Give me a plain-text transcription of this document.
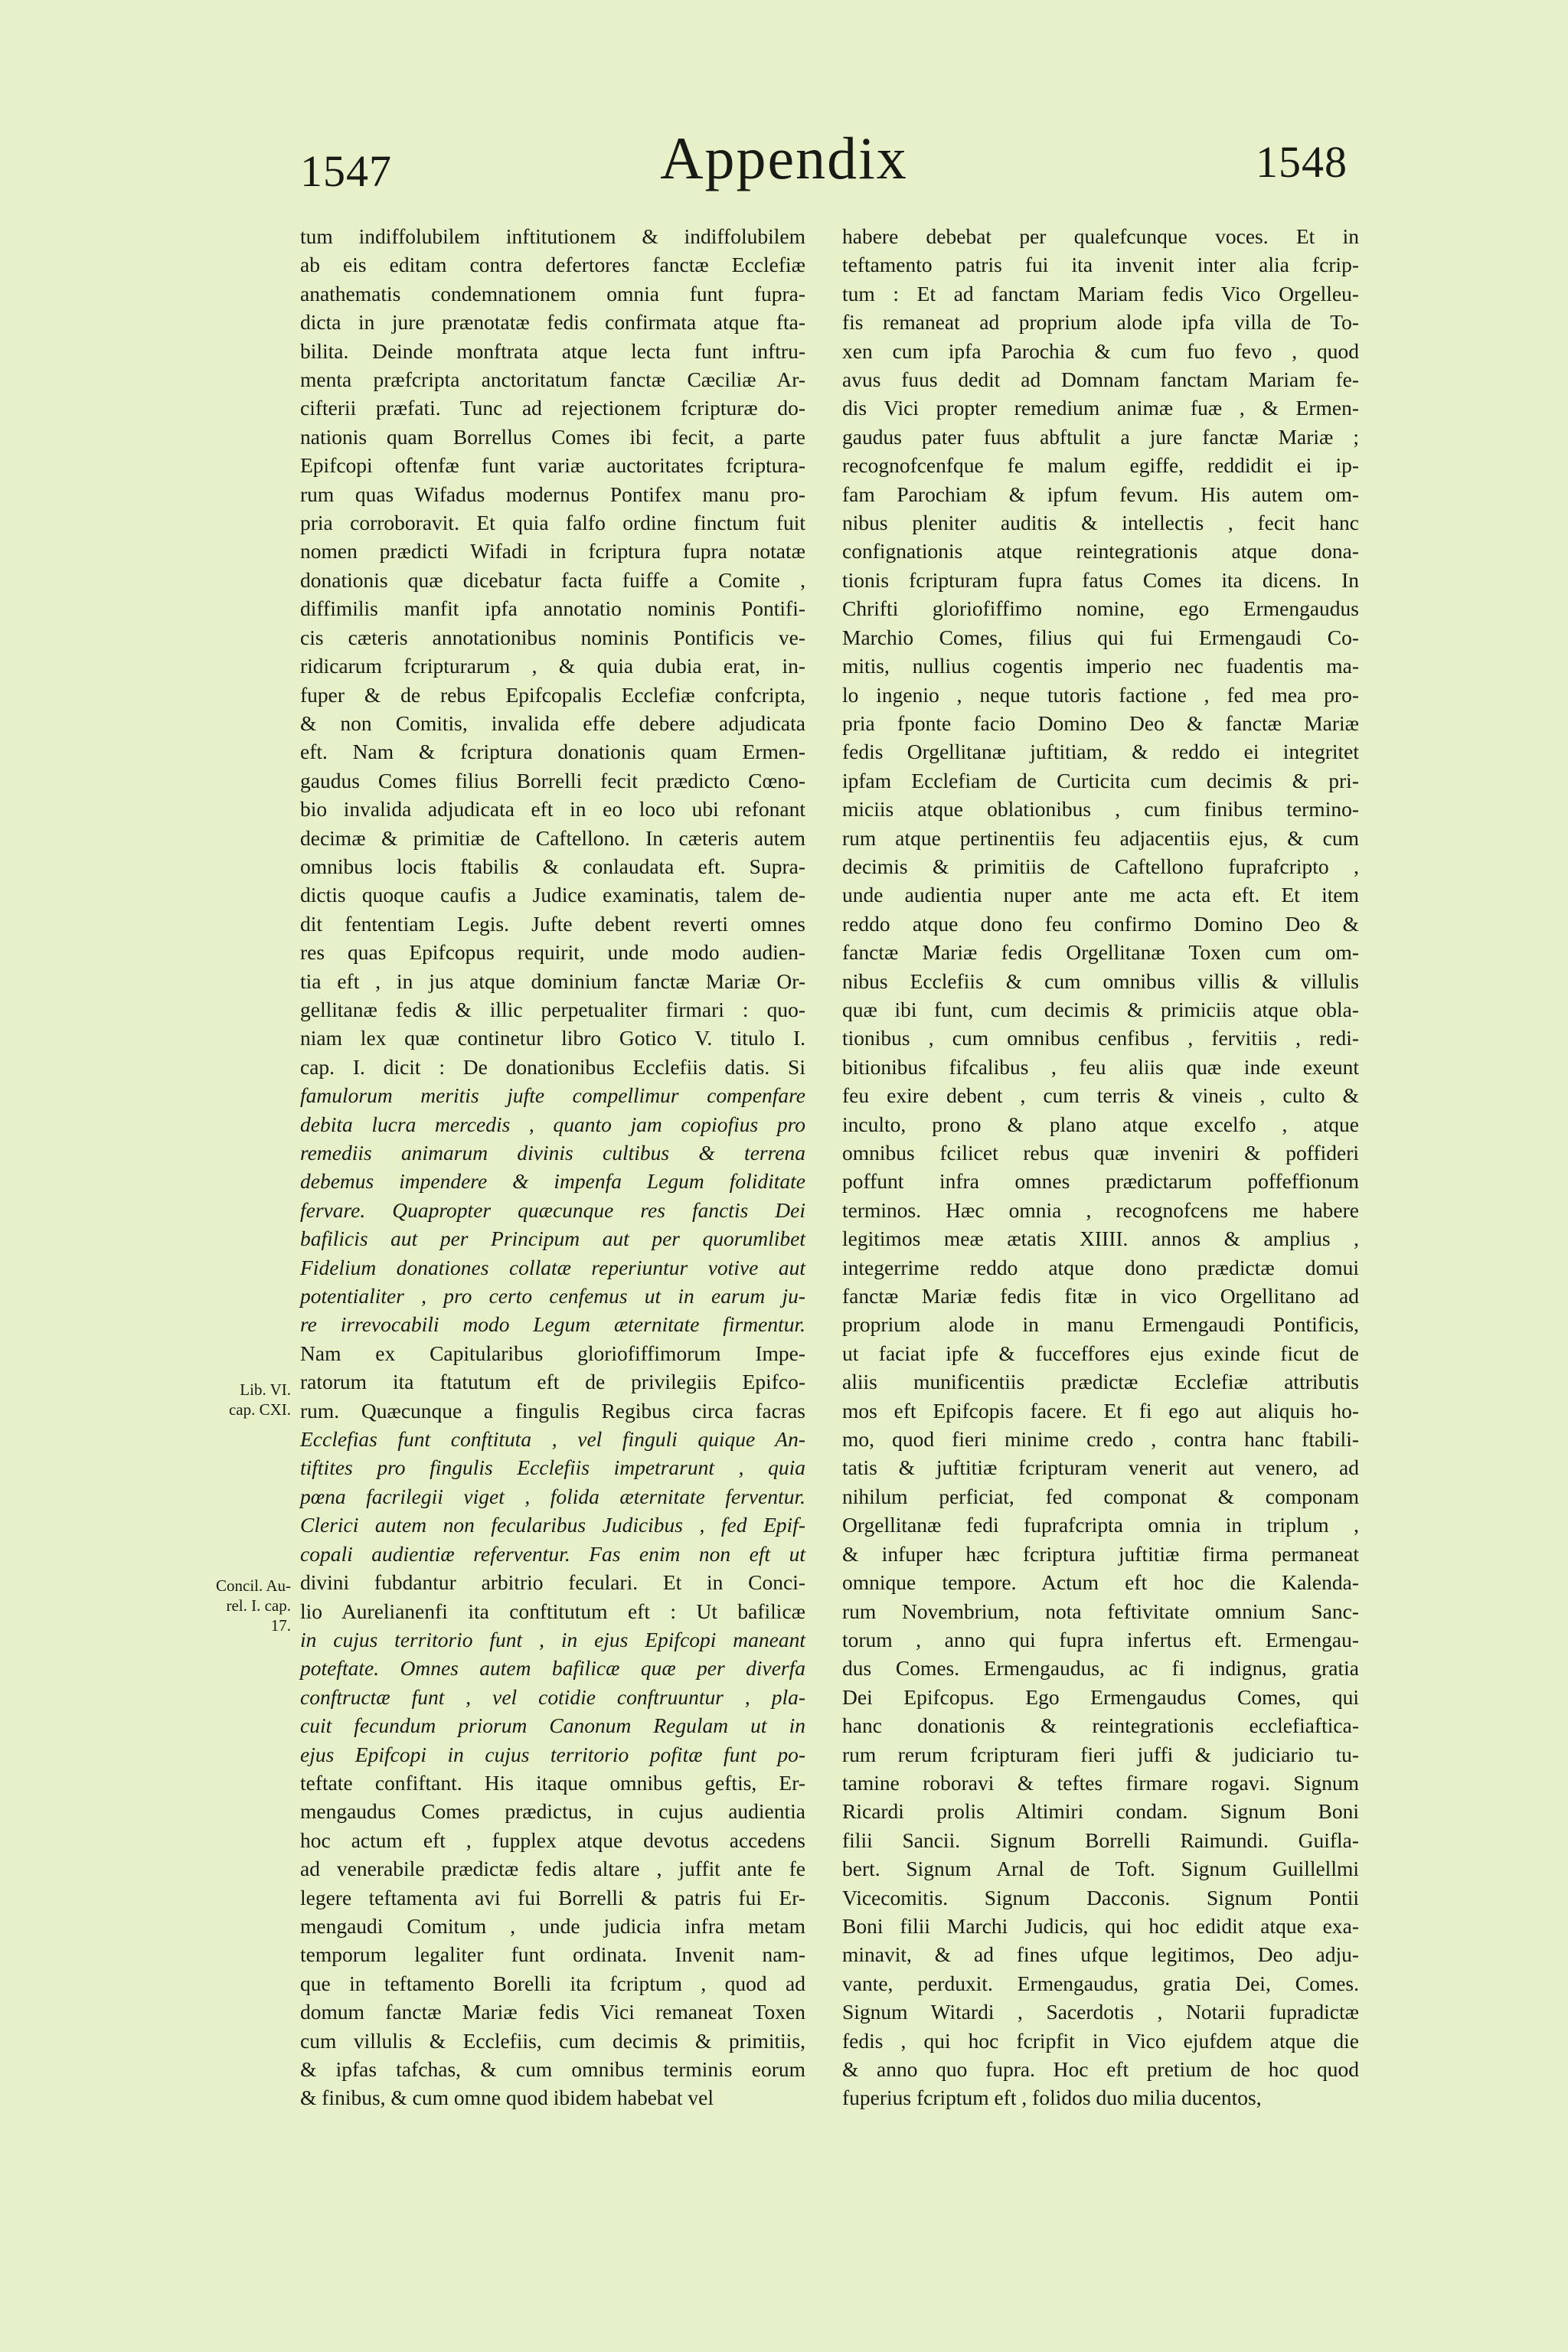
1547	Appendix	1548
Lib. VI.
cap. CXI.
Concil. Au-
rel. I. cap.
17.
tum indiffolubilem inftitutionem & indiffolubilem
ab eis editam contra defertores fanctæ Ecclefiæ
anathematis condemnationem omnia funt fupra-
dicta in jure prænotatæ fedis confirmata atque fta-
bilita. Deinde monftrata atque lecta funt inftru-
menta præfcripta anctoritatum fanctæ Cæciliæ Ar-
cifterii præfati. Tunc ad rejectionem fcripturæ do-
nationis quam Borrellus Comes ibi fecit, a parte
Epifcopi oftenfæ funt variæ auctoritates fcriptura-
rum quas Wifadus modernus Pontifex manu pro-
pria corroboravit. Et quia falfo ordine finctum fuit
nomen prædicti Wifadi in fcriptura fupra notatæ
donationis quæ dicebatur facta fuiffe a Comite ,
diffimilis manfit ipfa annotatio nominis Pontifi-
cis cæteris annotationibus nominis Pontificis ve-
ridicarum fcripturarum , & quia dubia erat, in-
fuper & de rebus Epifcopalis Ecclefiæ confcripta,
& non Comitis, invalida effe debere adjudicata
eft. Nam & fcriptura donationis quam Ermen-
gaudus Comes filius Borrelli fecit prædicto Cœno-
bio invalida adjudicata eft in eo loco ubi refonant
decimæ & primitiæ de Caftellono. In cæteris autem
omnibus locis ftabilis & conlaudata eft. Supra-
dictis quoque caufis a Judice examinatis, talem de-
dit fententiam Legis. Jufte debent reverti omnes
res quas Epifcopus requirit, unde modo audien-
tia eft , in jus atque dominium fanctæ Mariæ Or-
gellitanæ fedis & illic perpetualiter firmari : quo-
niam lex quæ continetur libro Gotico V. titulo I.
cap. I. dicit : De donationibus Ecclefiis datis. Si
famulorum meritis jufte compellimur compenfare
debita lucra mercedis , quanto jam copiofius pro
remediis animarum divinis cultibus & terrena
debemus impendere & impenfa Legum foliditate
fervare. Quapropter quæcunque res fanctis Dei
bafilicis aut per Principum aut per quorumlibet
Fidelium donationes collatæ reperiuntur votive aut
potentialiter , pro certo cenfemus ut in earum ju-
re irrevocabili modo Legum æternitate firmentur.
Nam ex Capitularibus gloriofiffimorum Impe-
ratorum ita ftatutum eft de privilegiis Epifco-
rum. Quæcunque a fingulis Regibus circa facras
Ecclefias funt conftituta , vel finguli quique An-
tiftites pro fingulis Ecclefiis impetrarunt , quia
pœna facrilegii viget , folida æternitate ferventur.
Clerici autem non fecularibus Judicibus , fed Epif-
copali audientiæ referventur. Fas enim non eft ut
divini fubdantur arbitrio feculari. Et in Conci-
lio Aurelianenfi ita conftitutum eft : Ut bafilicæ
in cujus territorio funt , in ejus Epifcopi maneant
poteftate. Omnes autem bafilicæ quæ per diverfa
conftructæ funt , vel cotidie conftruuntur , pla-
cuit fecundum priorum Canonum Regulam ut in
ejus Epifcopi in cujus territorio pofitæ funt po-
teftate confiftant. His itaque omnibus geftis, Er-
mengaudus Comes prædictus, in cujus audientia
hoc actum eft , fupplex atque devotus accedens
ad venerabile prædictæ fedis altare , juffit ante fe
legere teftamenta avi fui Borrelli & patris fui Er-
mengaudi Comitum , unde judicia infra metam
temporum legaliter funt ordinata. Invenit nam-
que in teftamento Borelli ita fcriptum , quod ad
domum fanctæ Mariæ fedis Vici remaneat Toxen
cum villulis & Ecclefiis, cum decimis & primitiis,
& ipfas tafchas, & cum omnibus terminis eorum
& finibus, & cum omne quod ibidem habebat vel
habere debebat per qualefcunque voces. Et in
teftamento patris fui ita invenit inter alia fcrip-
tum : Et ad fanctam Mariam fedis Vico Orgelleu-
fis remaneat ad proprium alode ipfa villa de To-
xen cum ipfa Parochia & cum fuo fevo , quod
avus fuus dedit ad Domnam fanctam Mariam fe-
dis Vici propter remedium animæ fuæ , & Ermen-
gaudus pater fuus abftulit a jure fanctæ Mariæ ;
recognofcenfque fe malum egiffe, reddidit ei ip-
fam Parochiam & ipfum fevum. His autem om-
nibus pleniter auditis & intellectis , fecit hanc
confignationis atque reintegrationis atque dona-
tionis fcripturam fupra fatus Comes ita dicens. In
Chrifti gloriofiffimo nomine, ego Ermengaudus
Marchio Comes, filius qui fui Ermengaudi Co-
mitis, nullius cogentis imperio nec fuadentis ma-
lo ingenio , neque tutoris factione , fed mea pro-
pria fponte facio Domino Deo & fanctæ Mariæ
fedis Orgellitanæ juftitiam, & reddo ei integritet
ipfam Ecclefiam de Curticita cum decimis & pri-
miciis atque oblationibus , cum finibus termino-
rum atque pertinentiis feu adjacentiis ejus, & cum
decimis & primitiis de Caftellono fuprafcripto ,
unde audientia nuper ante me acta eft. Et item
reddo atque dono feu confirmo Domino Deo &
fanctæ Mariæ fedis Orgellitanæ Toxen cum om-
nibus Ecclefiis & cum omnibus villis & villulis
quæ ibi funt, cum decimis & primiciis atque obla-
tionibus , cum omnibus cenfibus , fervitiis , redi-
bitionibus fifcalibus , feu aliis quæ inde exeunt
feu exire debent , cum terris & vineis , culto &
inculto, prono & plano atque excelfo , atque
omnibus fcilicet rebus quæ inveniri & poffideri
poffunt infra omnes prædictarum poffeffionum
terminos. Hæc omnia , recognofcens me habere
legitimos meæ ætatis XIIII. annos & amplius ,
integerrime reddo atque dono prædictæ domui
fanctæ Mariæ fedis fitæ in vico Orgellitano ad
proprium alode in manu Ermengaudi Pontificis,
ut faciat ipfe & fucceffores ejus exinde ficut de
aliis munificentiis prædictæ Ecclefiæ attributis
mos eft Epifcopis facere. Et fi ego aut aliquis ho-
mo, quod fieri minime credo , contra hanc ftabili-
tatis & juftitiæ fcripturam venerit aut venero, ad
nihilum perficiat, fed componat & componam
Orgellitanæ fedi fuprafcripta omnia in triplum ,
& infuper hæc fcriptura juftitiæ firma permaneat
omnique tempore. Actum eft hoc die Kalenda-
rum Novembrium, nota feftivitate omnium Sanc-
torum , anno qui fupra infertus eft. Ermengau-
dus Comes. Ermengaudus, ac fi indignus, gratia
Dei Epifcopus. Ego Ermengaudus Comes, qui
hanc donationis & reintegrationis ecclefiaftica-
rum rerum fcripturam fieri juffi & judiciario tu-
tamine roboravi & teftes firmare rogavi. Signum
Ricardi prolis Altimiri condam. Signum Boni
filii Sancii. Signum Borrelli Raimundi. Guifla-
bert. Signum Arnal de Toft. Signum Guillellmi
Vicecomitis. Signum Dacconis. Signum Pontii
Boni filii Marchi Judicis, qui hoc edidit atque exa-
minavit, & ad fines ufque legitimos, Deo adju-
vante, perduxit. Ermengaudus, gratia Dei, Comes.
Signum Witardi , Sacerdotis , Notarii fupradictæ
fedis , qui hoc fcripfit in Vico ejufdem atque die
& anno quo fupra. Hoc eft pretium de hoc quod
fuperius fcriptum eft , folidos duo milia ducentos,
